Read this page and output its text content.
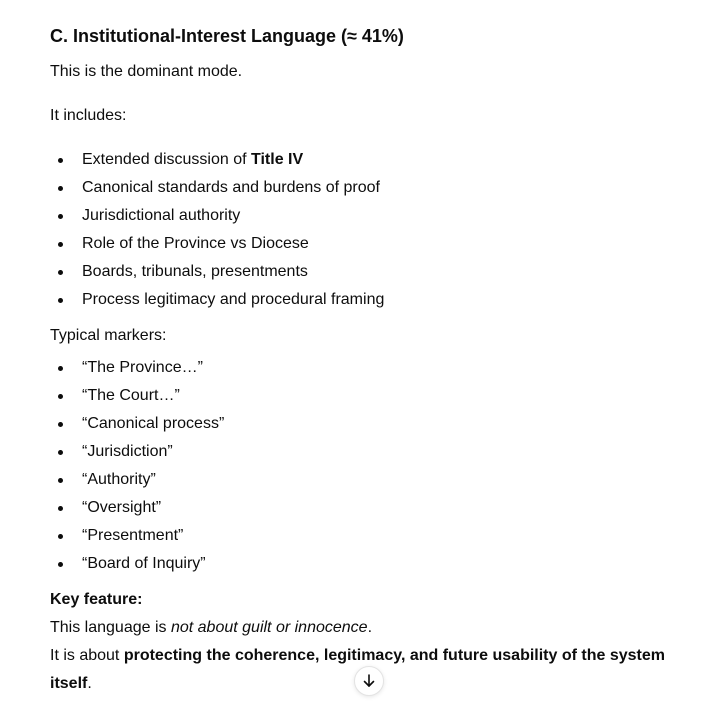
C. Institutional-Interest Language (≈ 41%)

This is the dominant mode.

It includes:

Extended discussion of Title IV
Canonical standards and burdens of proof
Jurisdictional authority
Role of the Province vs Diocese
Boards, tribunals, presentments
Process legitimacy and procedural framing

Typical markers:

“The Province…”
“The Court…”
“Canonical process”
“Jurisdiction”
“Authority”
“Oversight”
“Presentment”
“Board of Inquiry”

Key feature:

This language is not about guilt or innocence.

It is about protecting the coherence, legitimacy, and future usability of the system itself.
